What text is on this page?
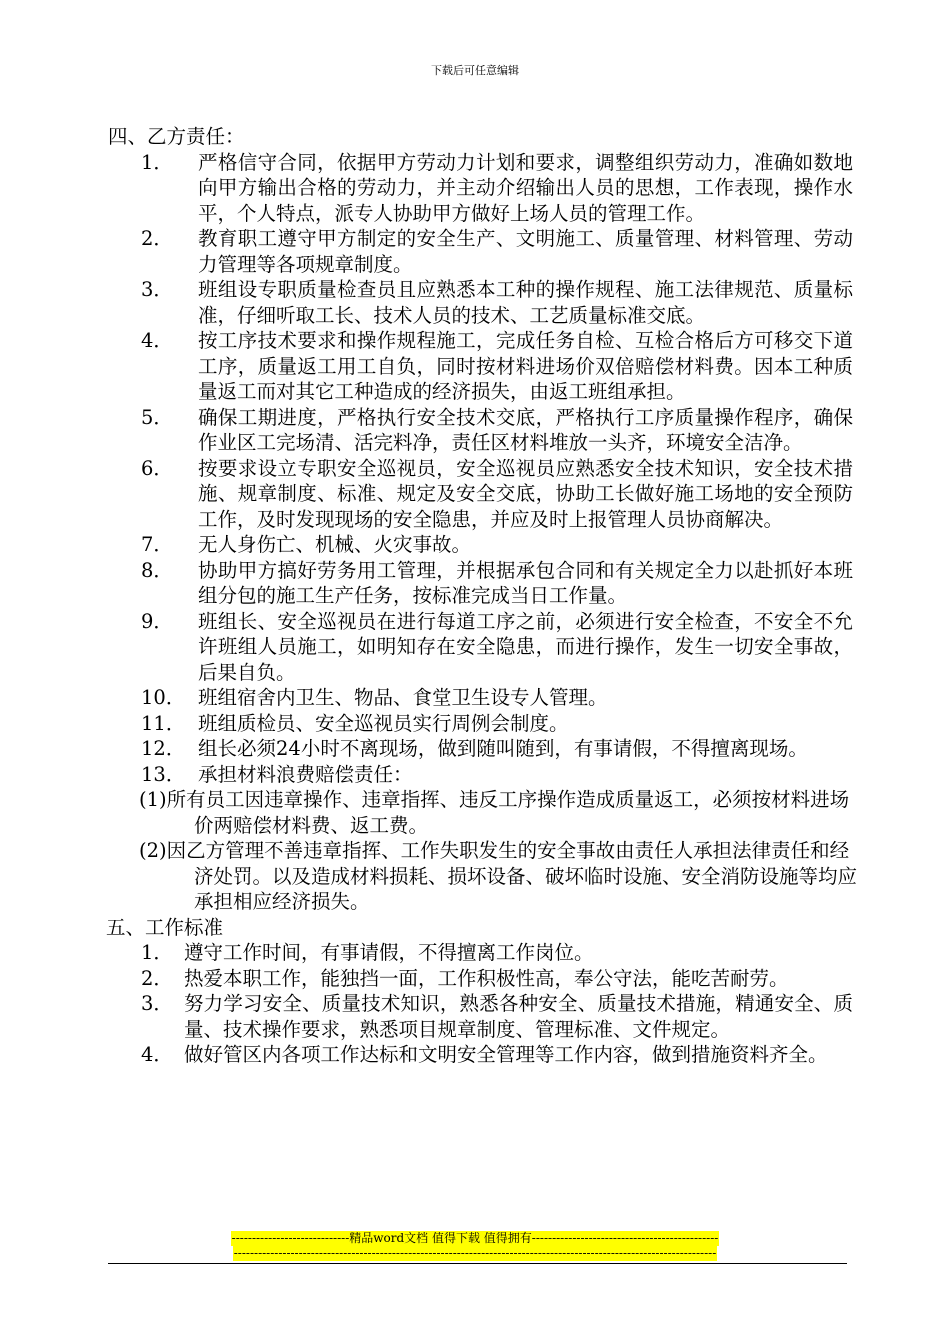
下载后可任意编辑
四、乙方责任：
1． 严格信守合同，依据甲方劳动力计划和要求，调整组织劳动力，准确如数地向甲方输出合格的劳动力，并主动介绍输出人员的思想，工作表现，操作水平，个人特点，派专人协助甲方做好上场人员的管理工作。
2． 教育职工遵守甲方制定的安全生产、文明施工、质量管理、材料管理、劳动力管理等各项规章制度。
3． 班组设专职质量检查员且应熟悉本工种的操作规程、施工法律规范、质量标准，仔细听取工长、技术人员的技术、工艺质量标准交底。
4． 按工序技术要求和操作规程施工，完成任务自检、互检合格后方可移交下道工序，质量返工用工自负，同时按材料进场价双倍赔偿材料费。因本工种质量返工而对其它工种造成的经济损失，由返工班组承担。
5． 确保工期进度，严格执行安全技术交底，严格执行工序质量操作程序，确保作业区工完场清、活完料净，责任区材料堆放一头齐，环境安全洁净。
6． 按要求设立专职安全巡视员，安全巡视员应熟悉安全技术知识，安全技术措施、规章制度、标准、规定及安全交底，协助工长做好施工场地的安全预防工作，及时发现现场的安全隐患，并应及时上报管理人员协商解决。
7． 无人身伤亡、机械、火灾事故。
8． 协助甲方搞好劳务用工管理，并根据承包合同和有关规定全力以赴抓好本班组分包的施工生产任务，按标准完成当日工作量。
9． 班组长、安全巡视员在进行每道工序之前，必须进行安全检查，不安全不允许班组人员施工，如明知存在安全隐患，而进行操作，发生一切安全事故，后果自负。
10． 班组宿舍内卫生、物品、食堂卫生设专人管理。
11． 班组质检员、安全巡视员实行周例会制度。
12． 组长必须24小时不离现场，做到随叫随到，有事请假，不得擅离现场。
13． 承担材料浪费赔偿责任：
(1)所有员工因违章操作、违章指挥、违反工序操作造成质量返工，必须按材料进场价两赔偿材料费、返工费。
(2)因乙方管理不善违章指挥、工作失职发生的安全事故由责任人承担法律责任和经济处罚。以及造成材料损耗、损坏设备、破坏临时设施、安全消防设施等均应承担相应经济损失。
五、工作标准
1． 遵守工作时间，有事请假，不得擅离工作岗位。
2． 热爱本职工作，能独挡一面，工作积极性高，奉公守法，能吃苦耐劳。
3． 努力学习安全、质量技术知识，熟悉各种安全、质量技术措施，精通安全、质量、技术操作要求，熟悉项目规章制度、管理标准、文件规定。
4． 做好管区内各项工作达标和文明安全管理等工作内容，做到措施资料齐全。
-----------------------------精品word文档 值得下载 值得拥有----------------------------------------------
-----------------------------------------------------------------------------------------------------------------------
